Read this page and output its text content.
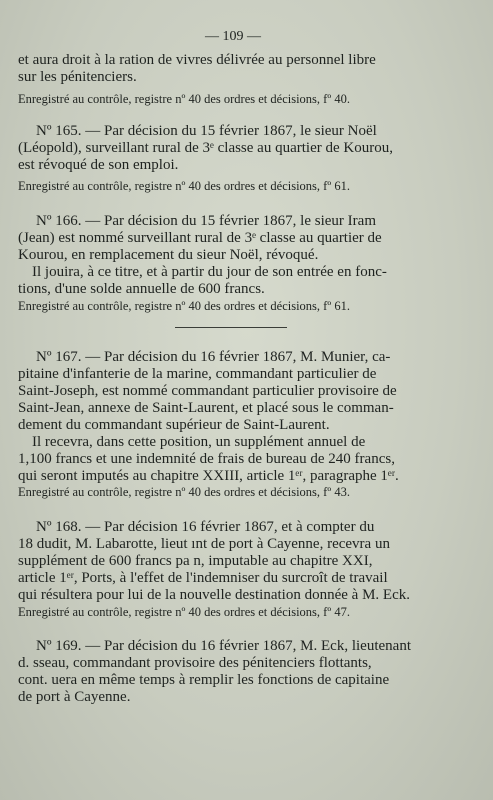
— 109 —
et aura droit à la ration de vivres délivrée au personnel libre
sur les pénitenciers.
Enregistré au contrôle, registre nº 40 des ordres et décisions, fº 40.
Nº 165. — Par décision du 15 février 1867, le sieur Noël
(Léopold), surveillant rural de 3ᵉ classe au quartier de Kourou,
est révoqué de son emploi.
Enregistré au contrôle, registre nº 40 des ordres et décisions, fº 61.
Nº 166. — Par décision du 15 février 1867, le sieur Iram
(Jean) est nommé surveillant rural de 3ᵉ classe au quartier de
Kourou, en remplacement du sieur Noël, révoqué.
Il jouira, à ce titre, et à partir du jour de son entrée en fonc-
tions, d'une solde annuelle de 600 francs.
Enregistré au contrôle, registre nº 40 des ordres et décisions, fº 61.
Nº 167. — Par décision du 16 février 1867, M. Munier, ca-
pitaine d'infanterie de la marine, commandant particulier de
Saint-Joseph, est nommé commandant particulier provisoire de
Saint-Jean, annexe de Saint-Laurent, et placé sous le comman-
dement du commandant supérieur de Saint-Laurent.
Il recevra, dans cette position, un supplément annuel de
1,100 francs et une indemnité de frais de bureau de 240 francs,
qui seront imputés au chapitre XXIII, article 1ᵉʳ, paragraphe 1ᵉʳ.
Enregistré au contrôle, registre nº 40 des ordres et décisions, fº 43.
Nº 168. — Par décision 16 février 1867, et à compter du
18 dudit, M. Labarotte, lieut ınt de port à Cayenne, recevra un
supplément de 600 francs pa n, imputable au chapitre XXI,
article 1ᵉʳ, Ports, à l'effet de l'indemniser du surcroît de travail
qui résultera pour lui de la nouvelle destination donnée à M. Eck.
Enregistré au contrôle, registre nº 40 des ordres et décisions, fº 47.
Nº 169. — Par décision du 16 février 1867, M. Eck, lieutenant
d. sseau, commandant provisoire des pénitenciers flottants,
cont. uera en même temps à remplir les fonctions de capitaine
de port à Cayenne.
